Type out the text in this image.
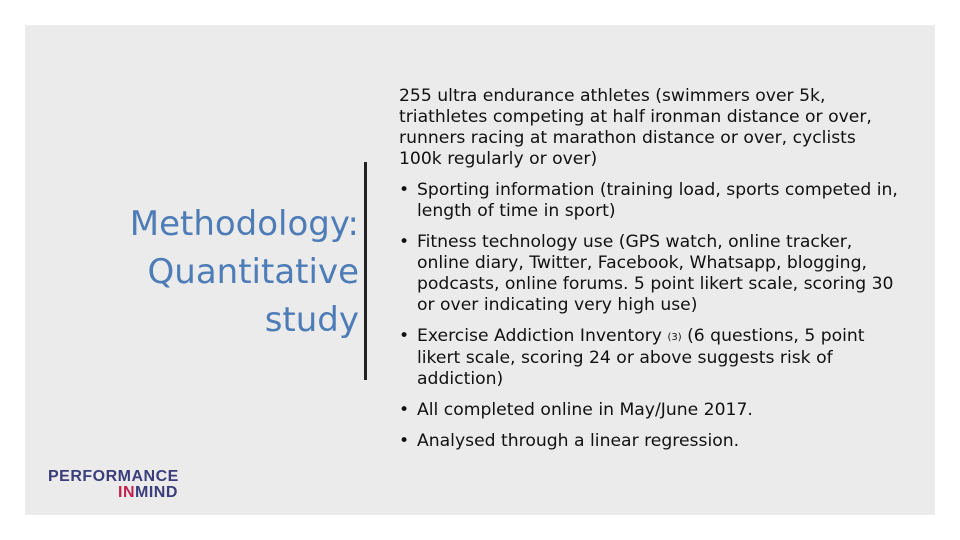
Methodology:
Quantitative
study

255 ultra endurance athletes (swimmers over 5k, triathletes competing at half ironman distance or over, runners racing at marathon distance or over, cyclists 100k regularly or over)

• Sporting information (training load, sports competed in, length of time in sport)
• Fitness technology use (GPS watch, online tracker, online diary, Twitter, Facebook, Whatsapp, blogging, podcasts, online forums. 5 point likert scale, scoring 30 or over indicating very high use)
• Exercise Addiction Inventory (3) (6 questions, 5 point likert scale, scoring 24 or above suggests risk of addiction)
• All completed online in May/June 2017.
• Analysed through a linear regression.
PERFORMANCE
INMIND
